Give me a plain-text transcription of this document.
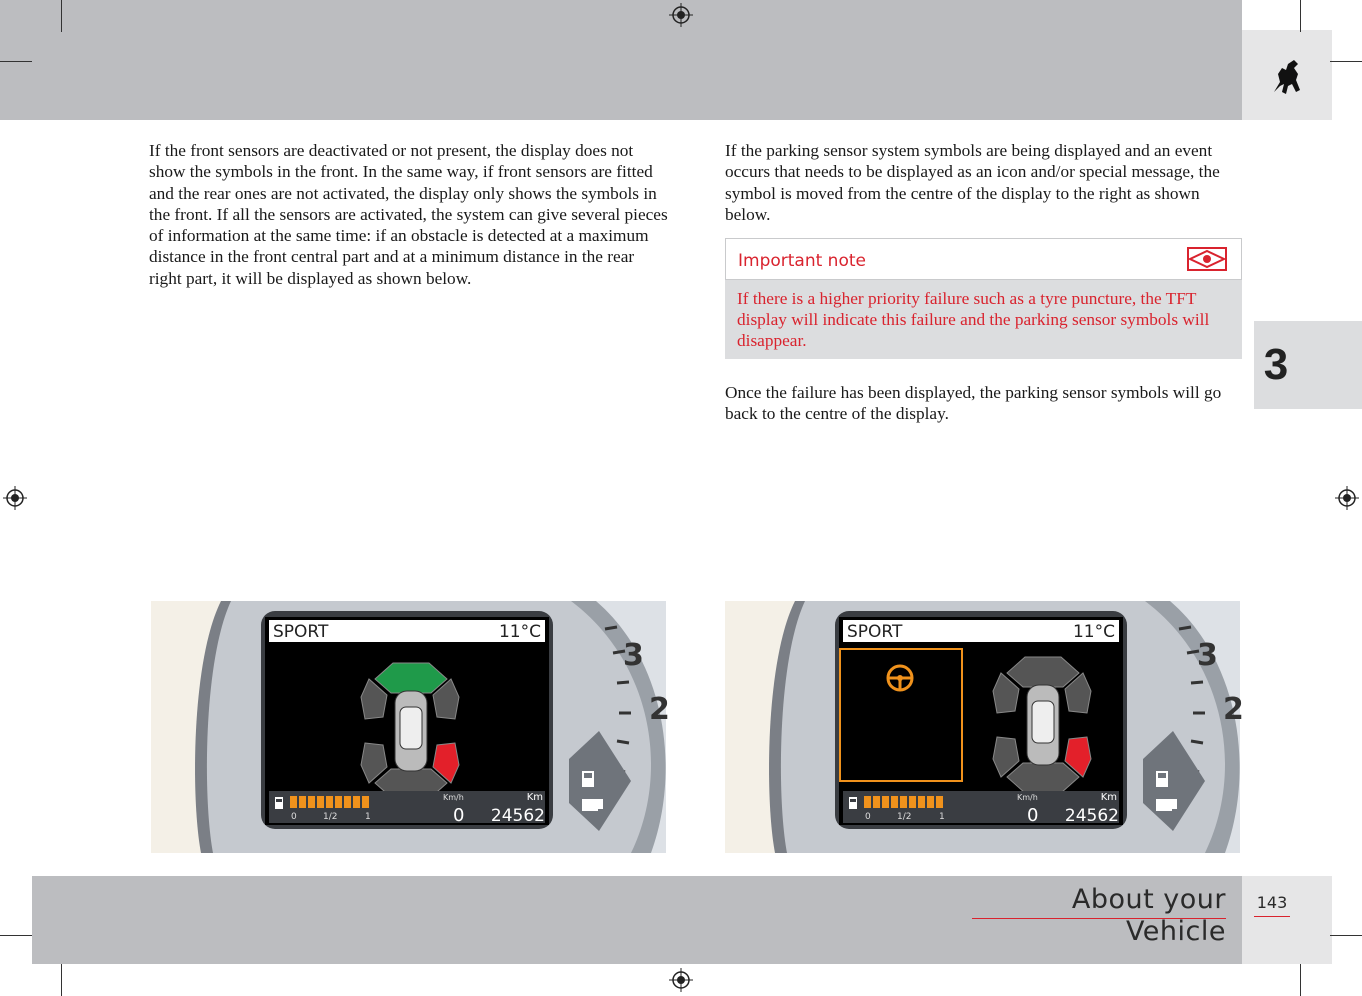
3
About your Vehicle
143

If the front sensors are deactivated or not present, the display does not show the symbols in the front. In the same way, if front sensors are fitted and the rear ones are not activated, the display only shows the symbols in the front. If all the sensors are activated, the system can give several pieces of information at the same time: if an obstacle is detected at a maximum distance in the front central part and at a minimum distance in the rear right part, it will be displayed as shown below.

If the parking sensor system symbols are being displayed and an event occurs that needs to be displayed as an icon and/or special message, the symbol is moved from the centre of the display to the right as shown below.

Important note
If there is a higher priority failure such as a tyre puncture, the TFT display will indicate this failure and the parking sensor symbols will disappear.

Once the failure has been displayed, the parking sensor symbols will go back to the centre of the display.

3
2
SPORT	11°C
0	1/2	1
Km/h
0
Km
24562
3
2
SPORT	11°C
0	1/2	1
Km/h
0
Km
24562
